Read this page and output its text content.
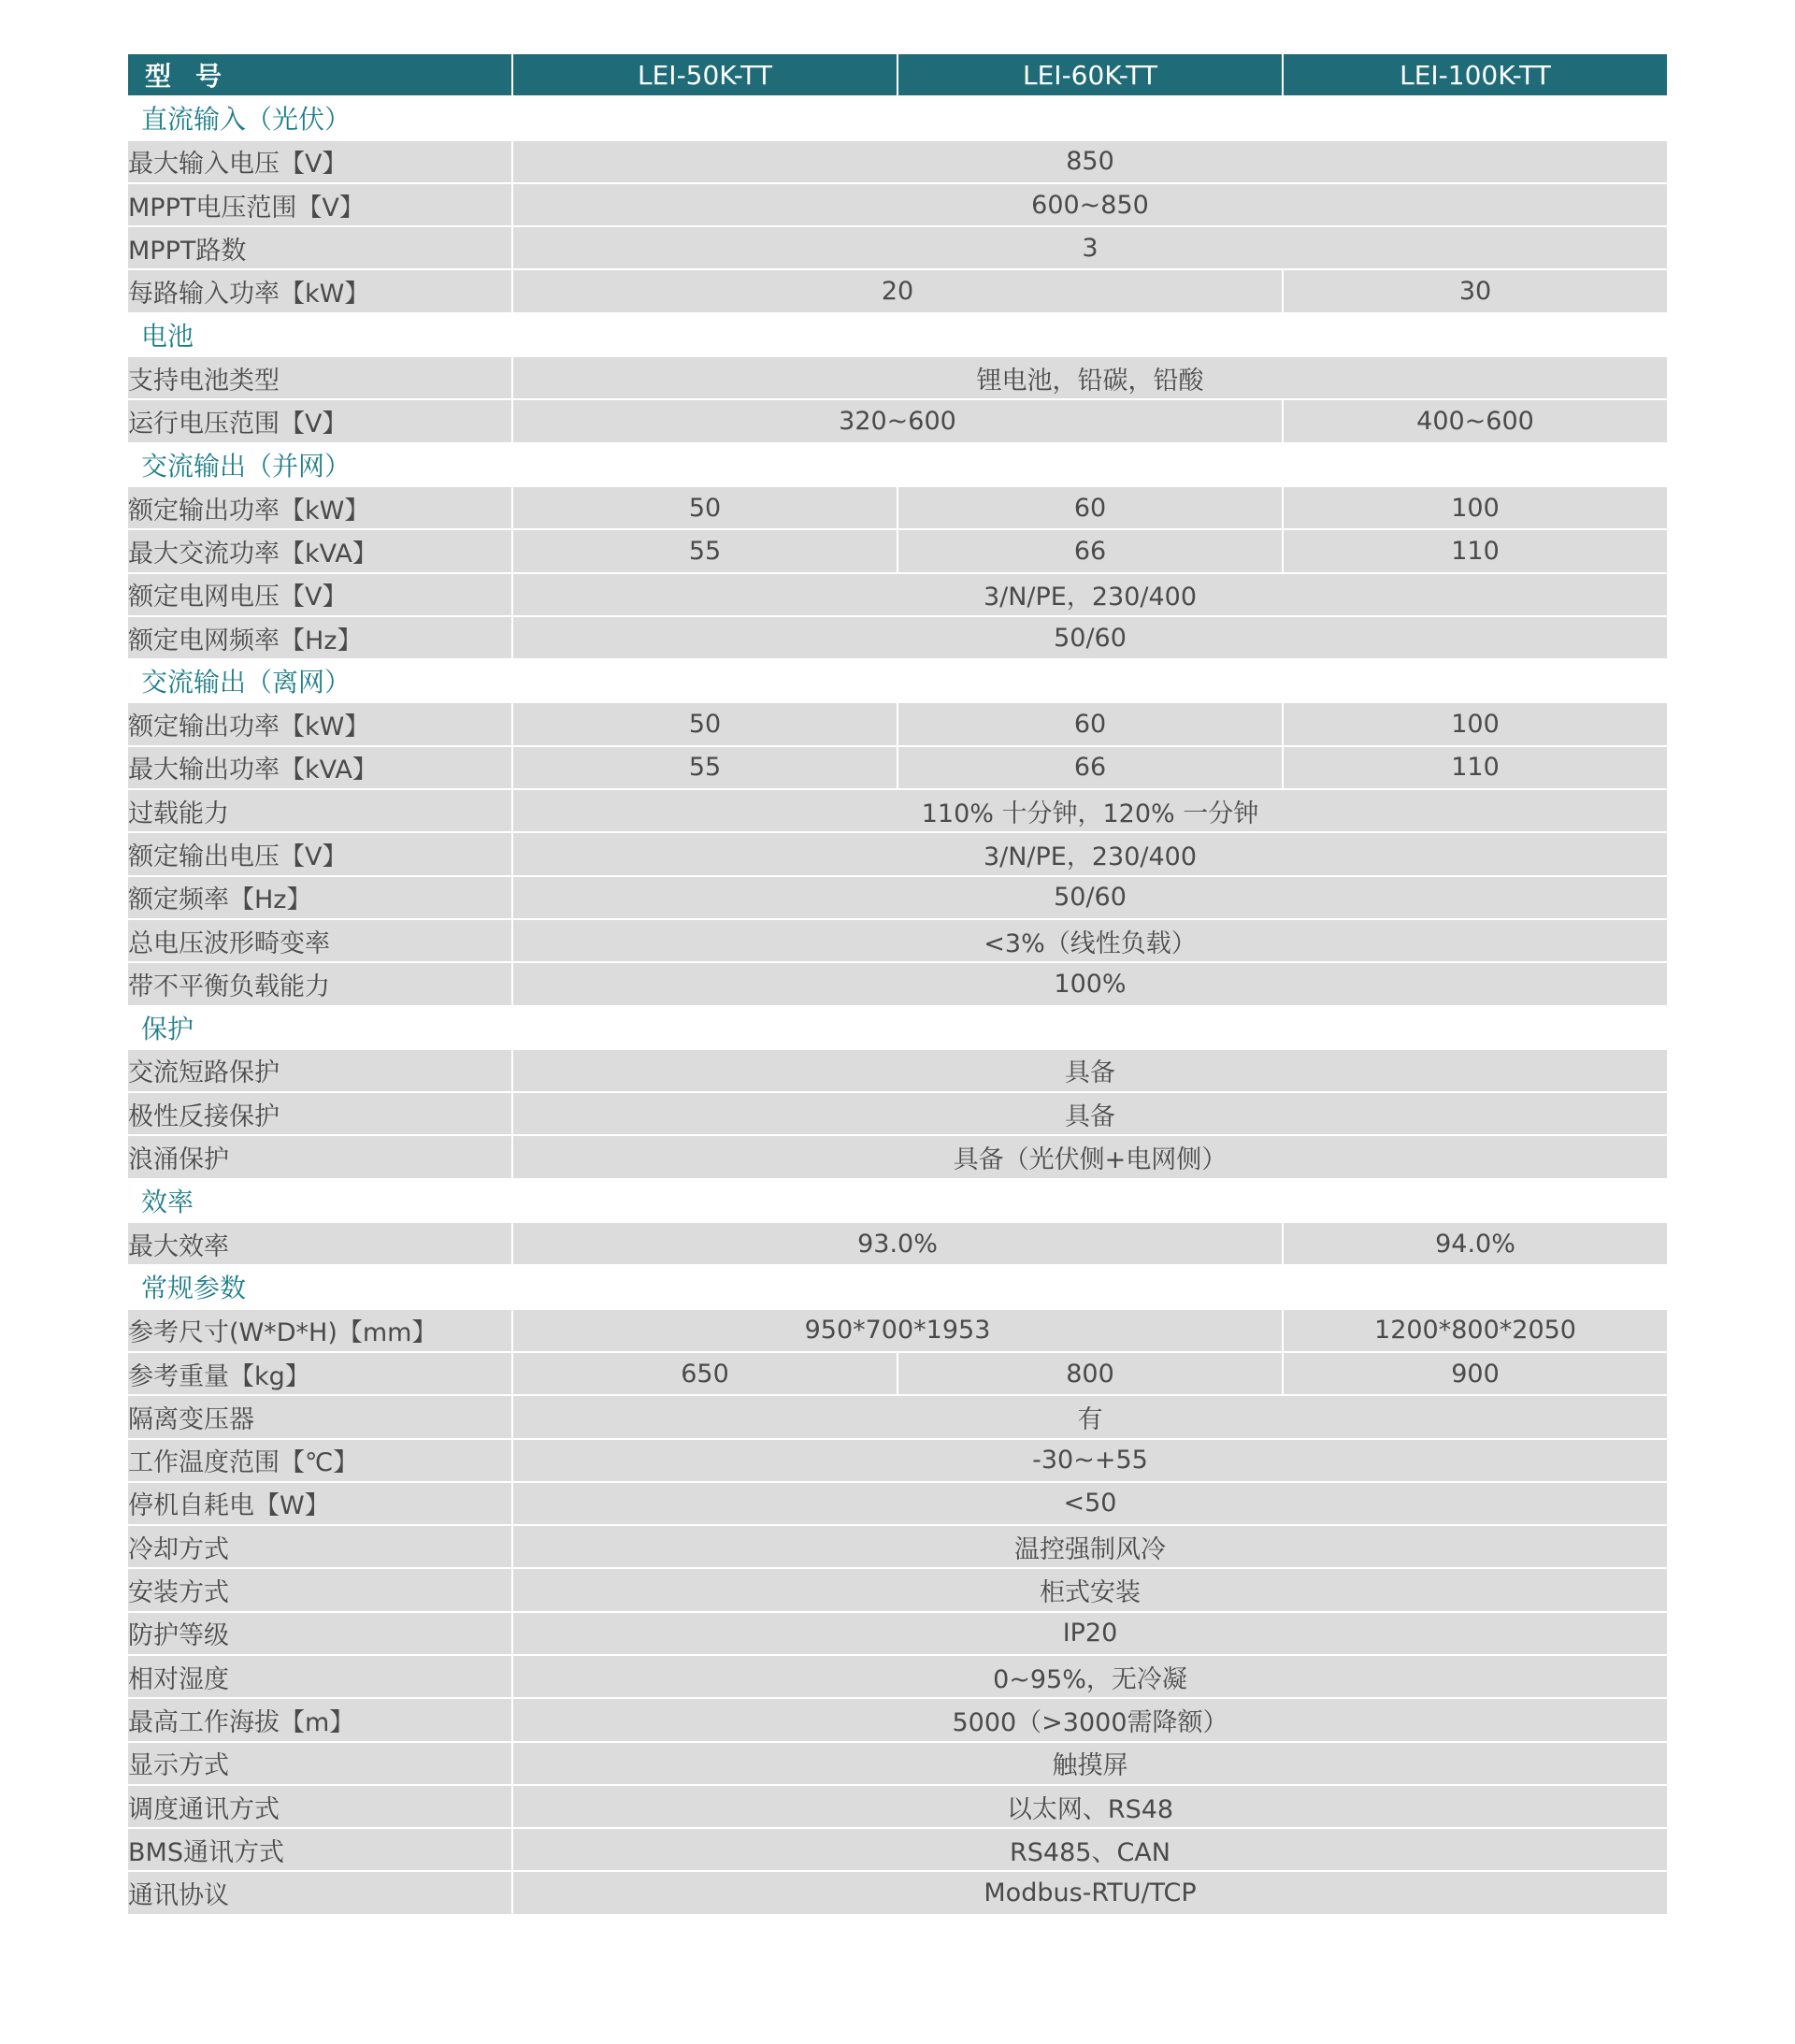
型号	LEI-50K-TT	LEI-60K-TT	LEI-100K-TT
直流输入（光伏）			
最大输入电压【V】	850		
MPPT电压范围【V】	600~850		
MPPT路数	3		
每路输入功率【kW】	20		30
电池			
支持电池类型	锂电池，铅碳，铅酸		
运行电压范围【V】	320~600		400~600
交流输出（并网）			
额定输出功率【kW】	50	60	100
最大交流功率【kVA】	55	66	110
额定电网电压【V】	3/N/PE，230/400		
额定电网频率【Hz】	50/60		
交流输出（离网）			
额定输出功率【kW】	50	60	100
最大输出功率【kVA】	55	66	110
过载能力	110% 十分钟，120% 一分钟		
额定输出电压【V】	3/N/PE，230/400		
额定频率【Hz】	50/60		
总电压波形畸变率	<3%（线性负载）		
带不平衡负载能力	100%		
保护			
交流短路保护	具备		
极性反接保护	具备		
浪涌保护	具备（光伏侧+电网侧）		
效率			
最大效率	93.0%		94.0%
常规参数			
参考尺寸(W*D*H)【mm】	950*700*1953		1200*800*2050
参考重量【kg】	650	800	900
隔离变压器	有		
工作温度范围【℃】	-30~+55		
停机自耗电【W】	<50		
冷却方式	温控强制风冷		
安装方式	柜式安装		
防护等级	IP20		
相对湿度	0~95%，无冷凝		
最高工作海拔【m】	5000（>3000需降额）		
显示方式	触摸屏		
调度通讯方式	以太网、RS48		
BMS通讯方式	RS485、CAN		
通讯协议	Modbus-RTU/TCP		
